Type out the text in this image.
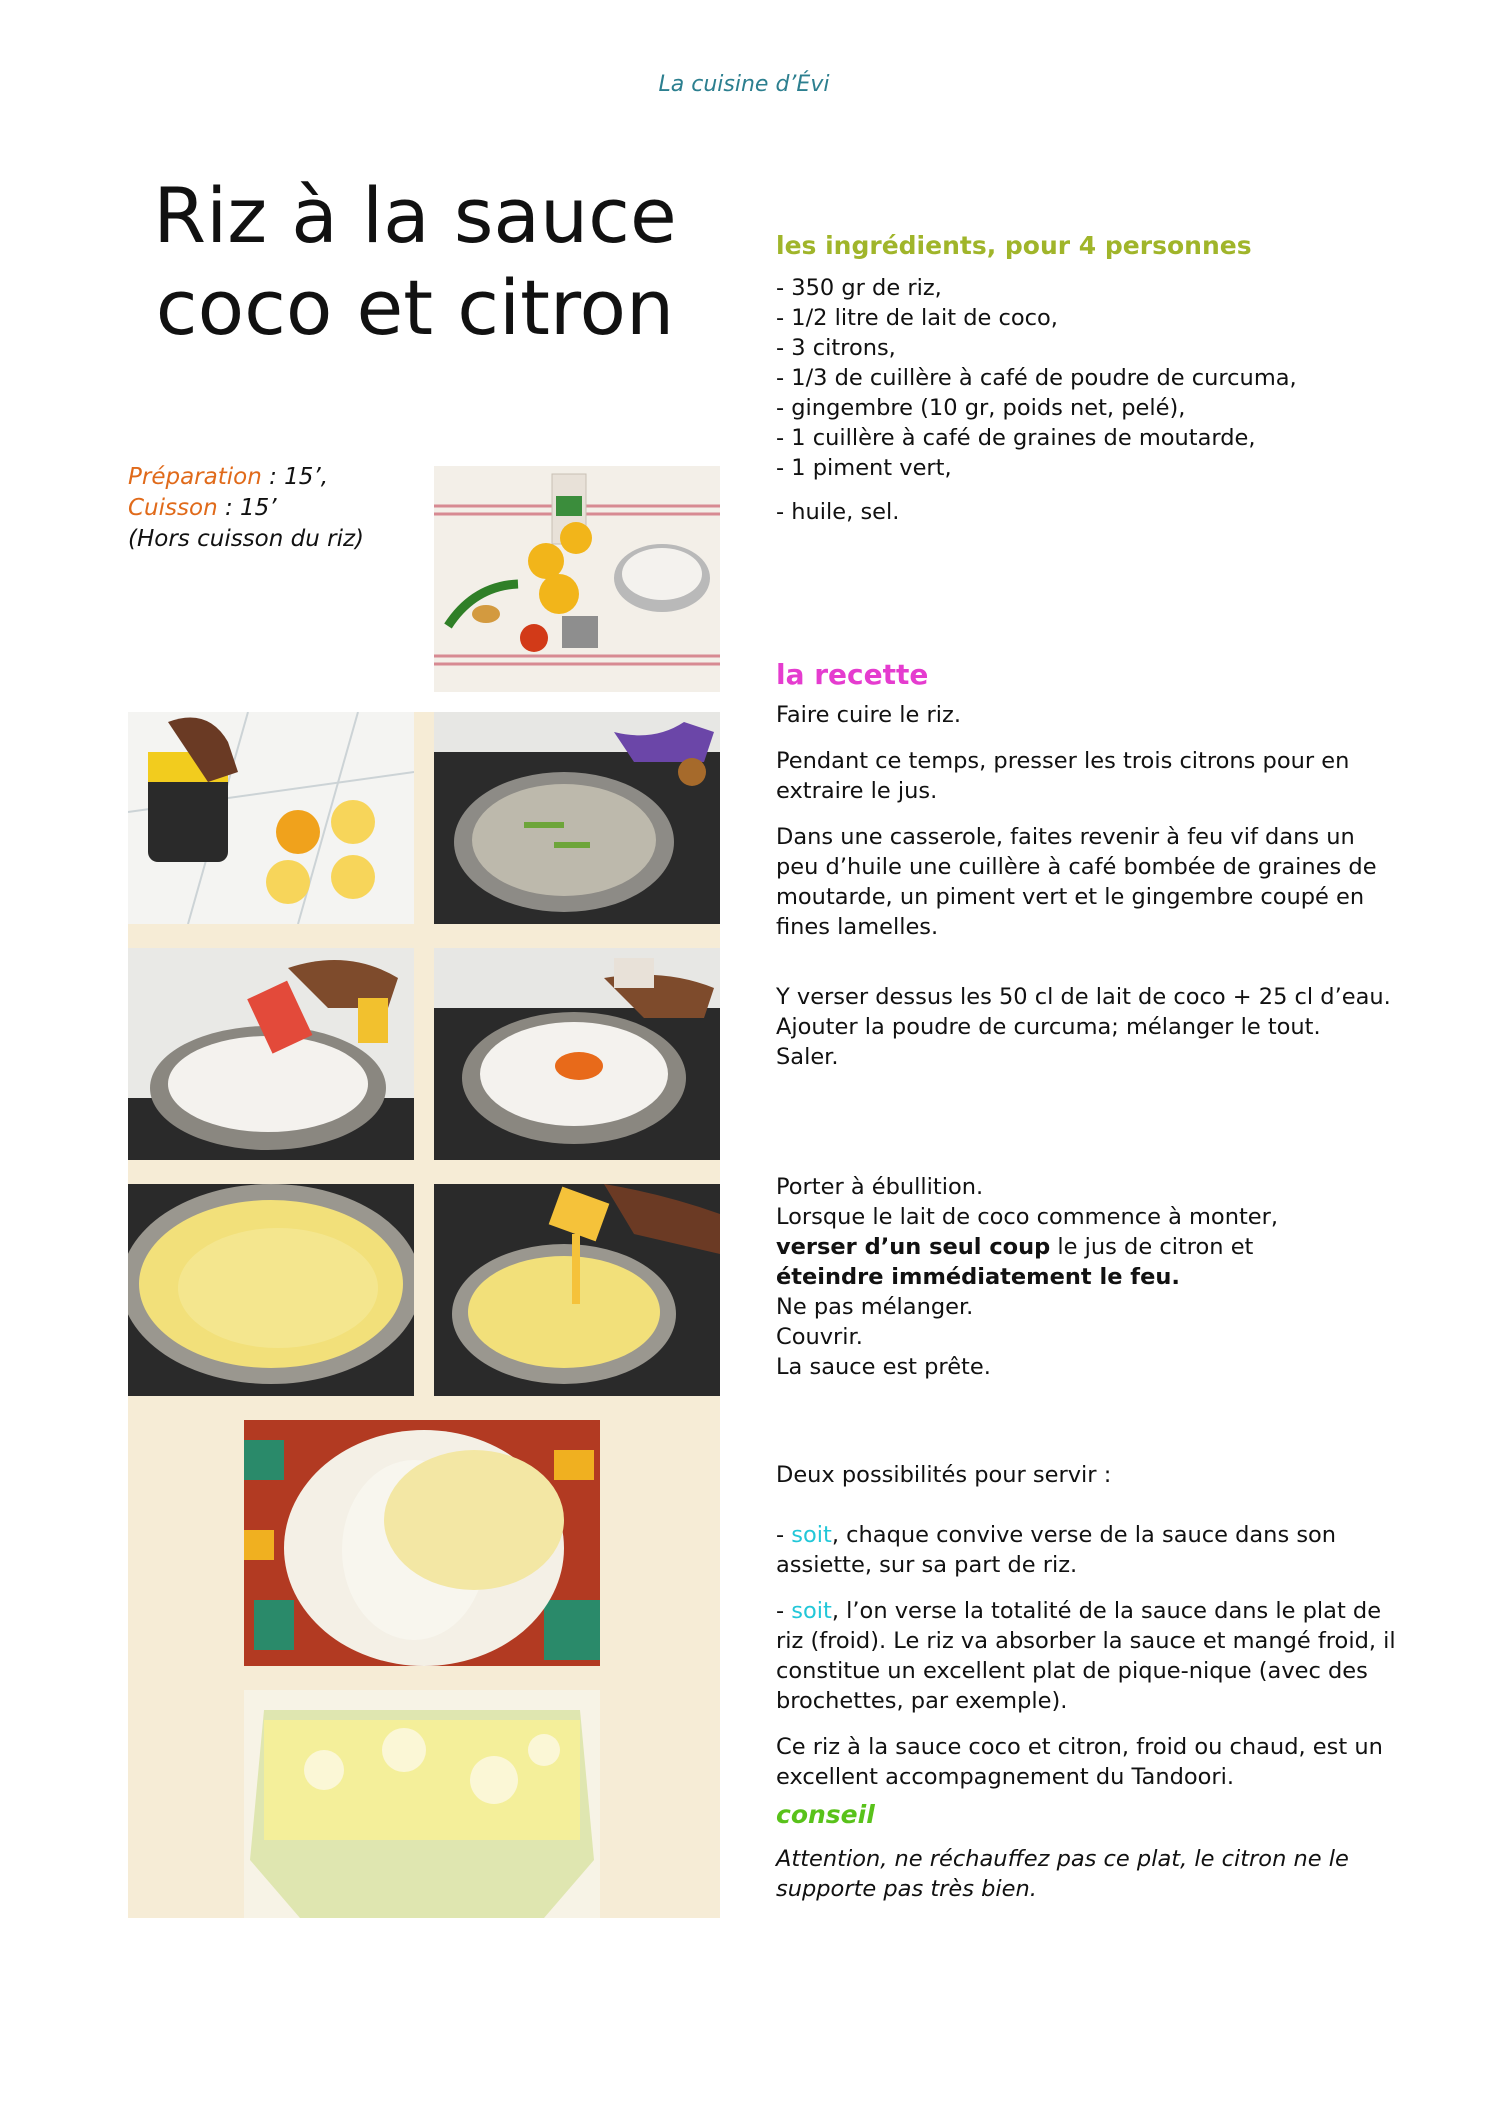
La cuisine d’Évi
Riz à la sauce
coco et citron
Préparation : 15’,
Cuisson : 15’
(Hors cuisson du riz)
les ingrédients, pour 4 personnes

- 350 gr de riz,

- 1/2 litre de lait de coco,

- 3 citrons,

- 1/3 de cuillère à café de poudre de curcuma,

- gingembre (10 gr, poids net, pelé),

- 1 cuillère à café de graines de moutarde,

- 1 piment vert,

- huile, sel.

la recette

Faire cuire le riz.

Pendant ce temps, presser les trois citrons pour en extraire le jus.

Dans une casserole, faites revenir à feu vif dans un peu d’huile une cuillère à café bombée de graines de moutarde, un piment vert et le gingembre coupé en fines lamelles.

Y verser dessus les 50 cl de lait de coco + 25 cl d’eau.

Ajouter la poudre de curcuma; mélanger le tout.

Saler.

Porter à ébullition.

Lorsque le lait de coco commence à monter,

verser d’un seul coup le jus de citron et

éteindre immédiatement le feu.

Ne pas mélanger.

Couvrir.

La sauce est prête.

Deux possibilités pour servir :

- soit, chaque convive verse de la sauce dans son assiette, sur sa part de riz.

- soit, l’on verse la totalité de la sauce dans le plat de riz (froid). Le riz va absorber la sauce et mangé froid, il constitue un excellent plat de pique-nique (avec des brochettes, par exemple).

Ce riz à la sauce coco et citron, froid ou chaud, est un excellent accompagnement du Tandoori.

conseil

Attention, ne réchauffez pas ce plat, le citron ne le supporte pas très bien.
